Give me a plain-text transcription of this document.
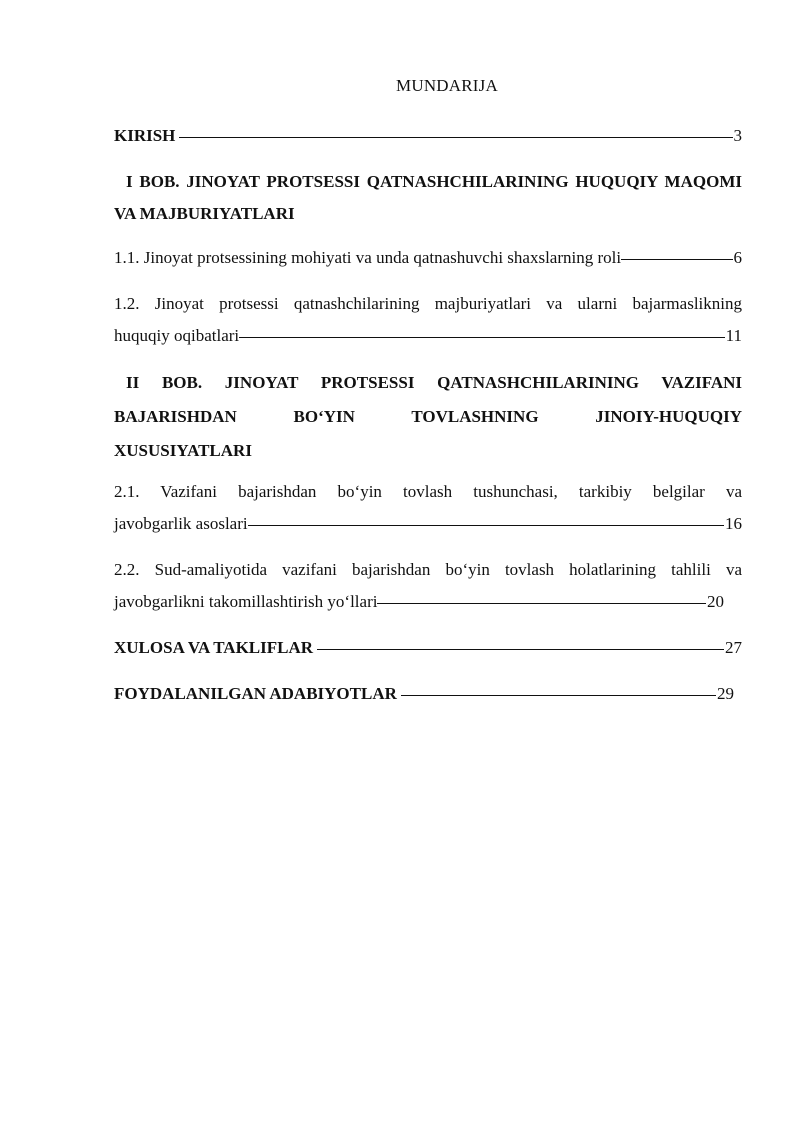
MUNDARIJA
KIRISH	3
I BOB. JINOYAT PROTSESSI QATNASHCHILARINING HUQUQIY MAQOMI VA MAJBURIYATLARI
1.1. Jinoyat protsessining mohiyati va unda qatnashuvchi shaxslarning roli	6
1.2. Jinoyat protsessi qatnashchilarining majburiyatlari va ularni bajarmaslikning
huquqiy oqibatlari	11
II BOB. JINOYAT PROTSESSI QATNASHCHILARINING VAZIFANI
BAJARISHDAN BO‘YIN TOVLASHNING JINOIY-HUQUQIY
XUSUSIYATLARI
2.1. Vazifani bajarishdan bo‘yin tovlash tushunchasi, tarkibiy belgilar va
javobgarlik asoslari	16
2.2. Sud-amaliyotida vazifani bajarishdan bo‘yin tovlash holatlarining tahlili va
javobgarlikni takomillashtirish yo‘llari	20
XULOSA VA TAKLIFLAR	27
FOYDALANILGAN ADABIYOTLAR	29
